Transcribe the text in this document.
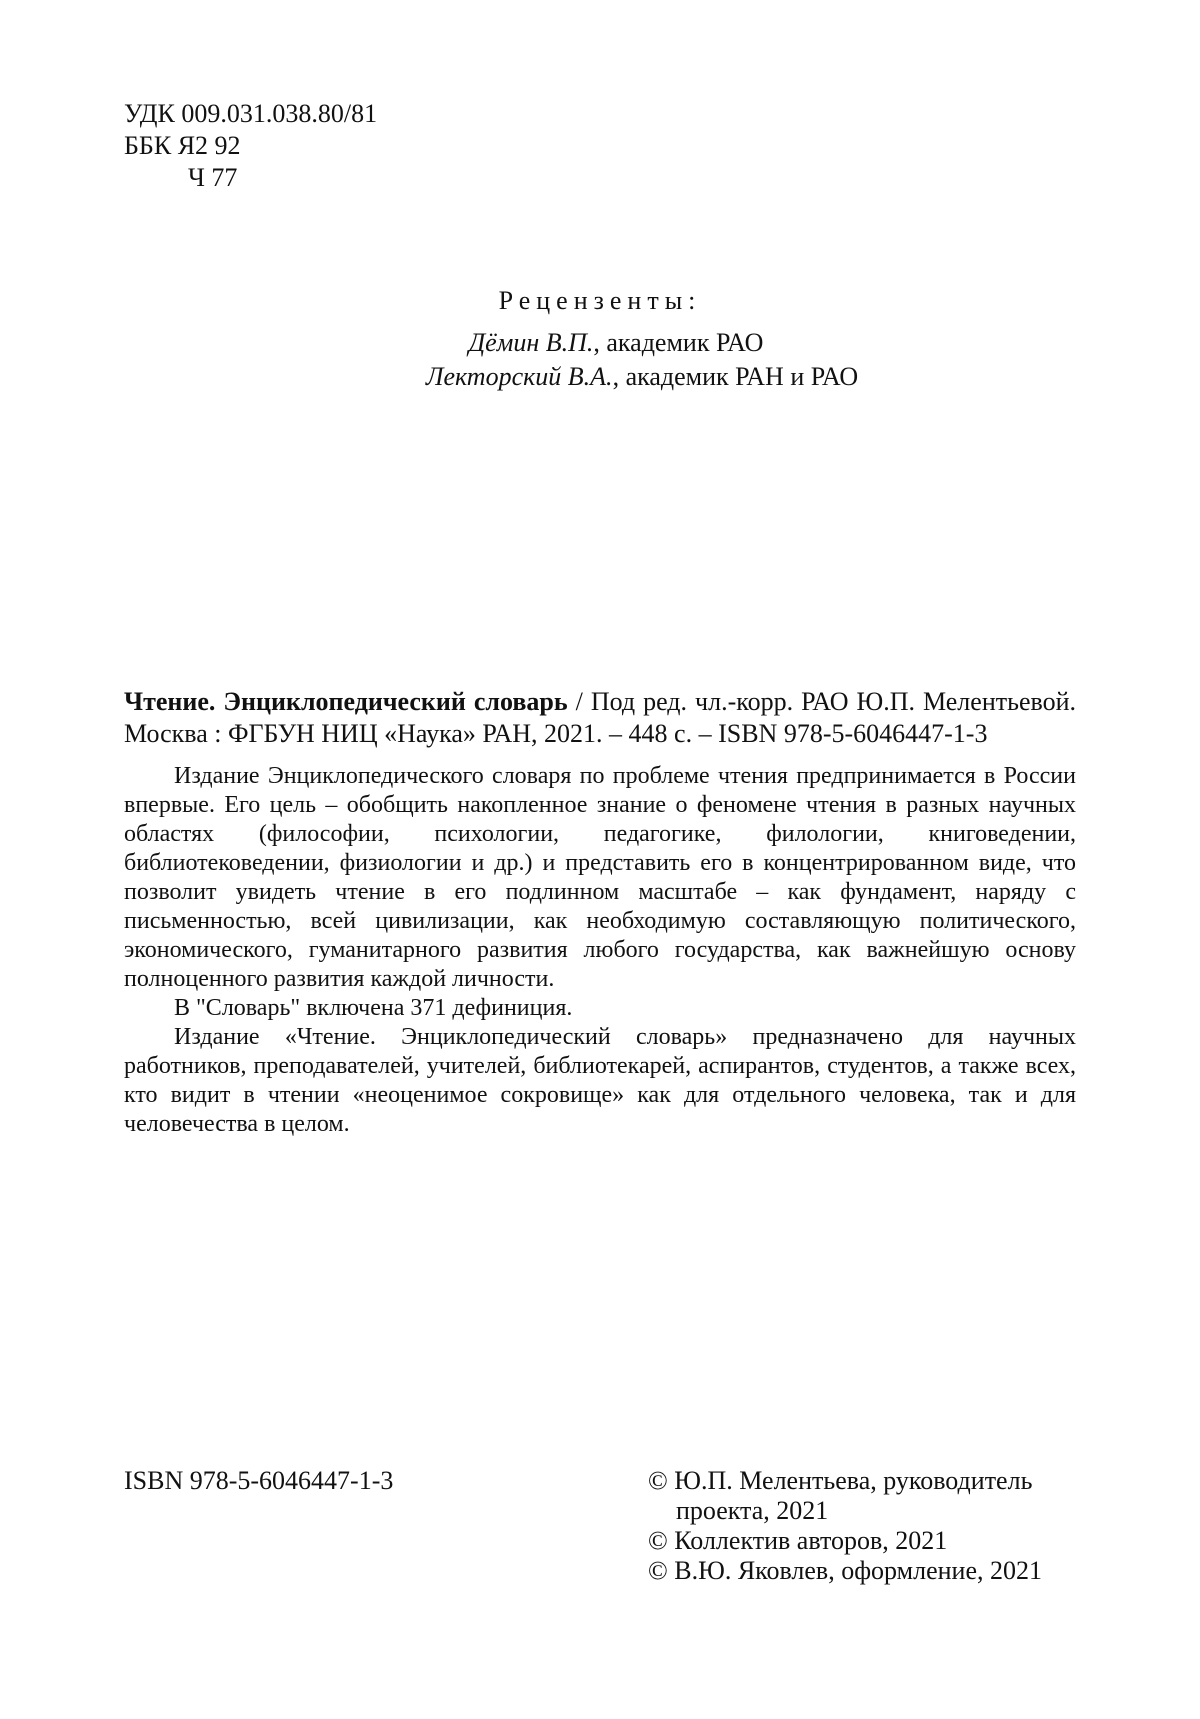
УДК 009.031.038.80/81
ББК Я2 92
Ч 77
Рецензенты:
Дёмин В.П., академик РАО
Лекторский В.А., академик РАН и РАО

Чтение. Энциклопедический словарь / Под ред. чл.-корр. РАО Ю.П. Мелентьевой. Москва : ФГБУН НИЦ «Наука» РАН, 2021. – 448 с. – ISBN 978-5-6046447-1-3

Издание Энциклопедического словаря по проблеме чтения предпринимается в России впервые. Его цель – обобщить накопленное знание о феномене чтения в разных научных областях (философии, психологии, педагогике, филологии, книговедении, библиотековедении, физиологии и др.) и представить его в концентрированном виде, что позволит увидеть чтение в его подлинном масштабе – как фундамент, наряду с письменностью, всей цивилизации, как необходимую составляющую политического, экономического, гуманитарного развития любого государства, как важнейшую основу полноценного развития каждой личности.

В "Словарь" включена 371 дефиниция.

Издание «Чтение. Энциклопедический словарь» предназначено для научных работников, преподавателей, учителей, библиотекарей, аспирантов, студентов, а также всех, кто видит в чтении «неоценимое сокровище» как для отдельного человека, так и для человечества в целом.

ISBN 978-5-6046447-1-3	© Ю.П. Мелентьева, руководитель
проекта, 2021
© Коллектив авторов, 2021
© В.Ю. Яковлев, оформление, 2021
